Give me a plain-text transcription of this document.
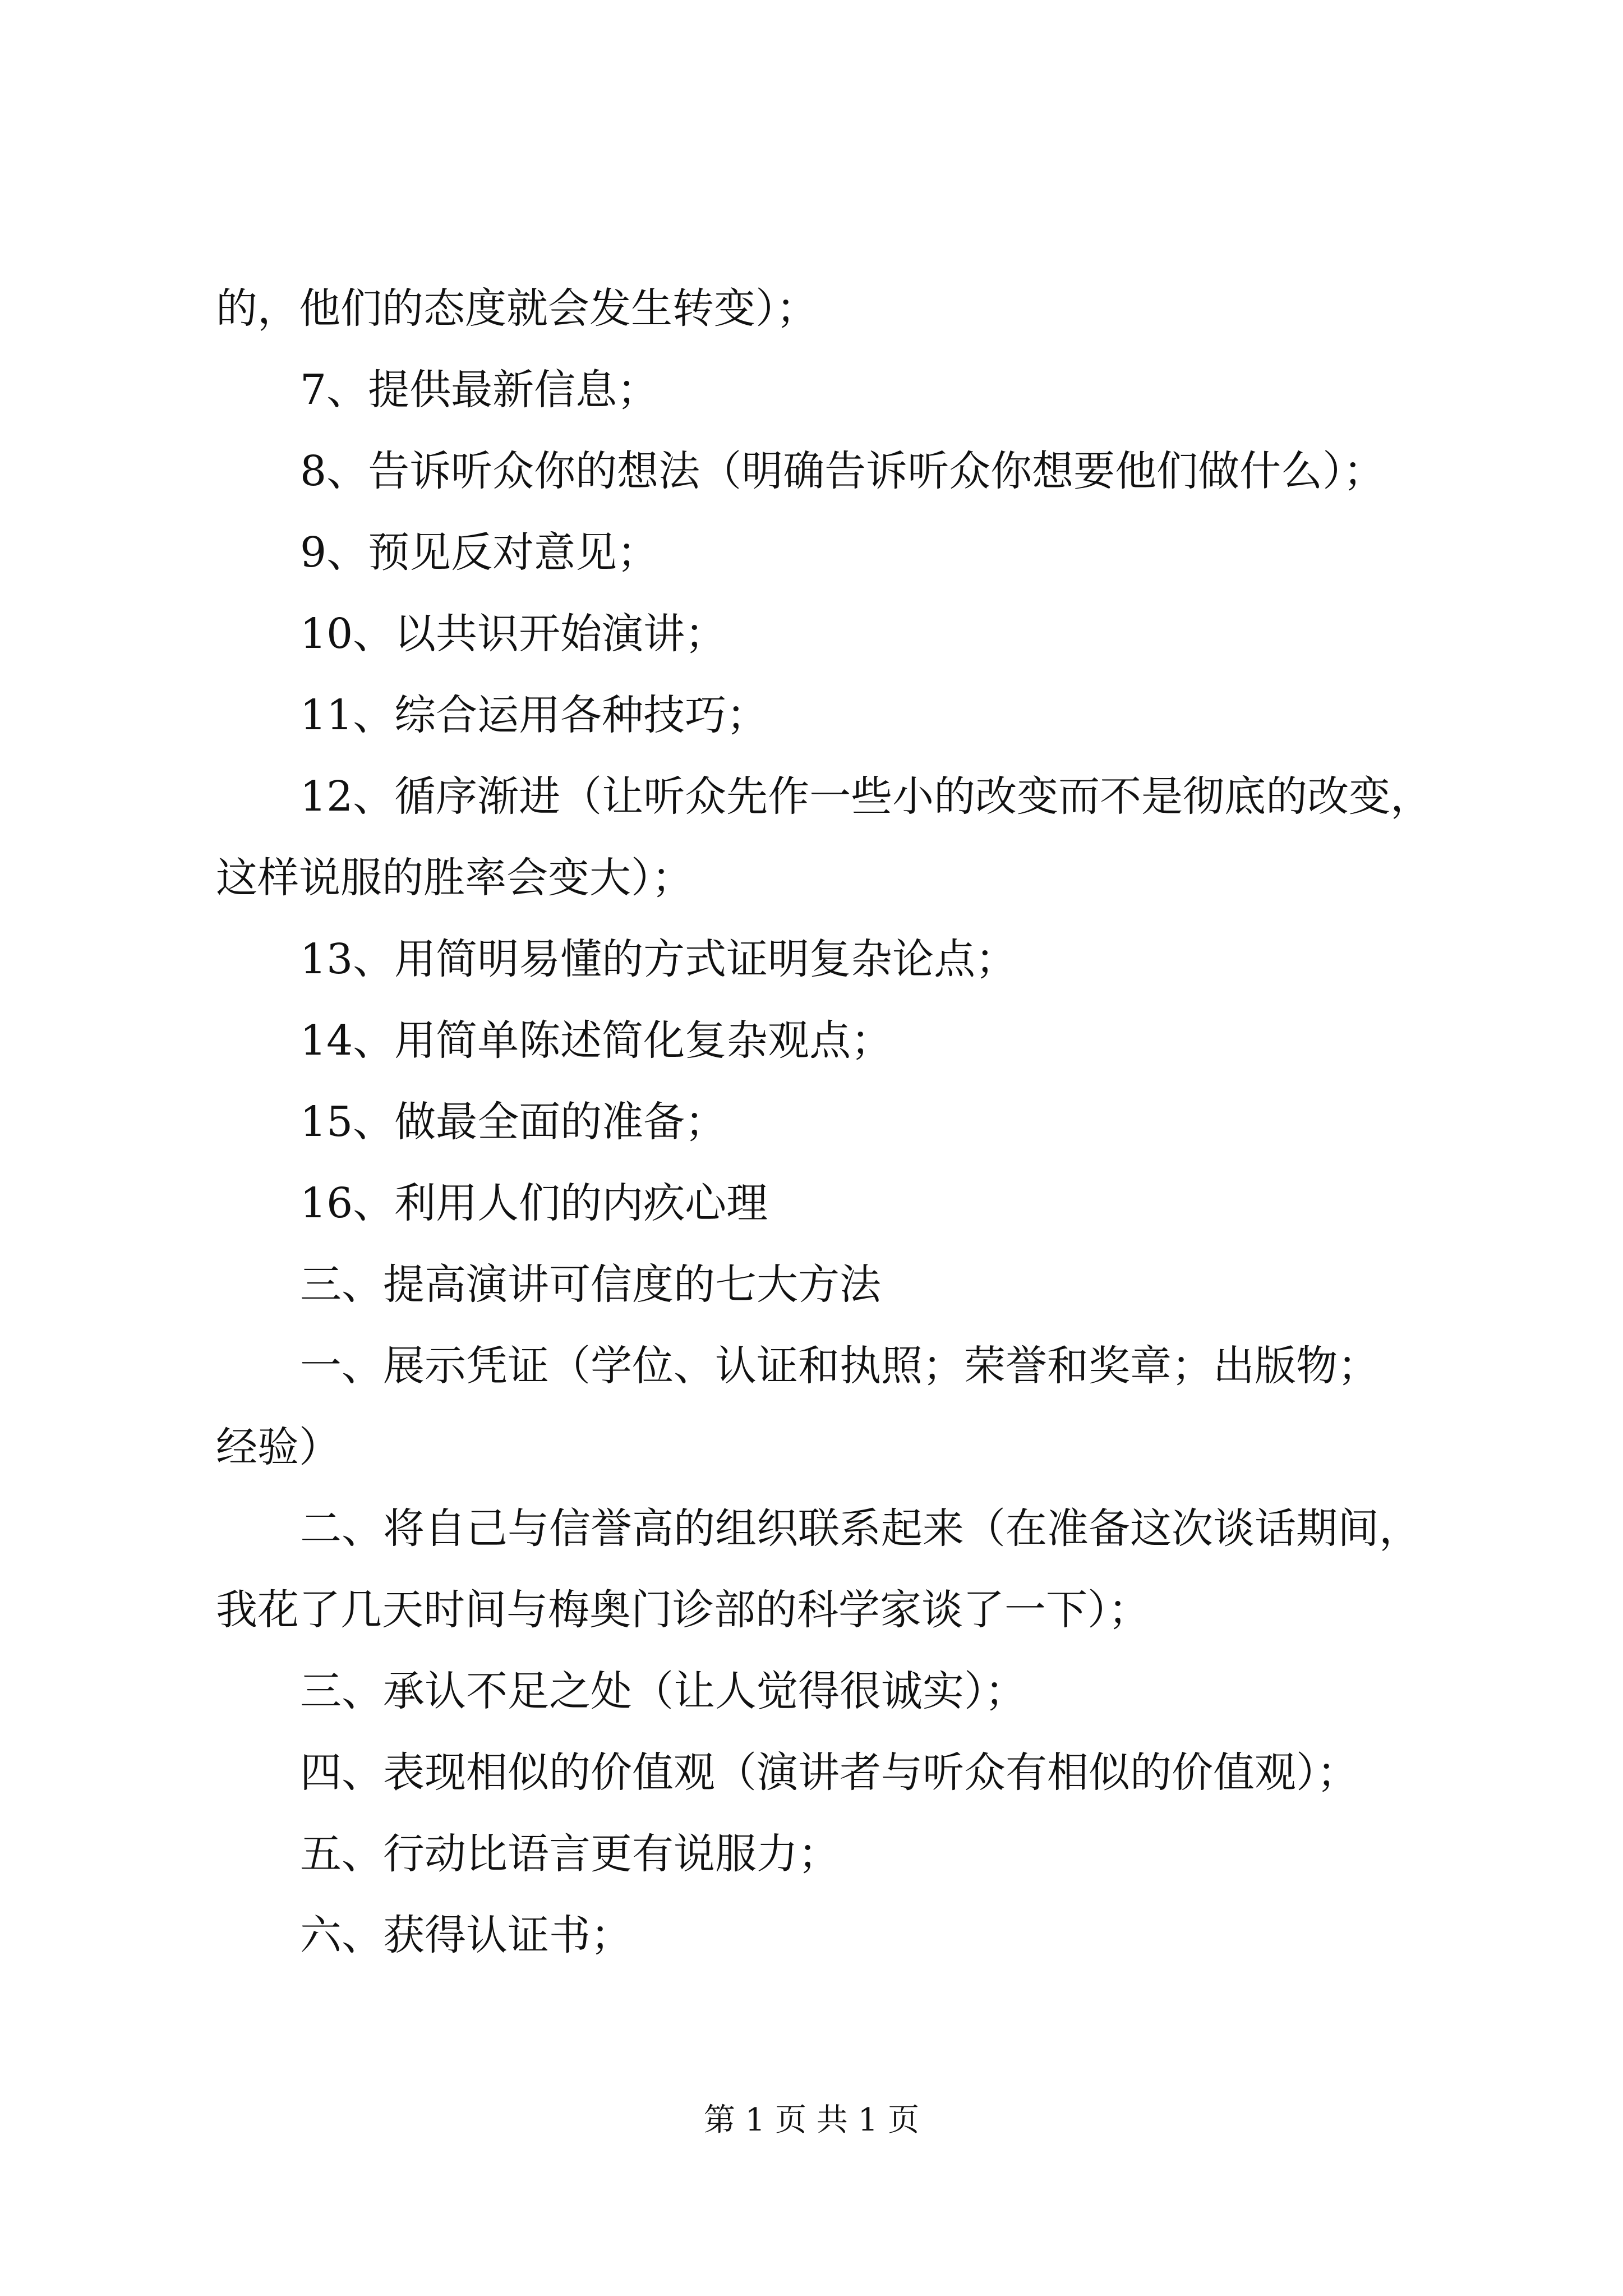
的，他们的态度就会发生转变）；

7、提供最新信息；

8、告诉听众你的想法（明确告诉听众你想要他们做什么）；

9、预见反对意见；

10、以共识开始演讲；

11、综合运用各种技巧；

12、循序渐进（让听众先作一些小的改变而不是彻底的改变，

这样说服的胜率会变大）；

13、用简明易懂的方式证明复杂论点；

14、用简单陈述简化复杂观点；

15、做最全面的准备；

16、利用人们的内疚心理

三、提高演讲可信度的七大方法

一、展示凭证（学位、认证和执照；荣誉和奖章；出版物；

经验）

二、将自己与信誉高的组织联系起来（在准备这次谈话期间，

我花了几天时间与梅奥门诊部的科学家谈了一下）；

三、承认不足之处（让人觉得很诚实）；

四、表现相似的价值观（演讲者与听众有相似的价值观）；

五、行动比语言更有说服力；

六、获得认证书；

第 1 页 共 1 页
